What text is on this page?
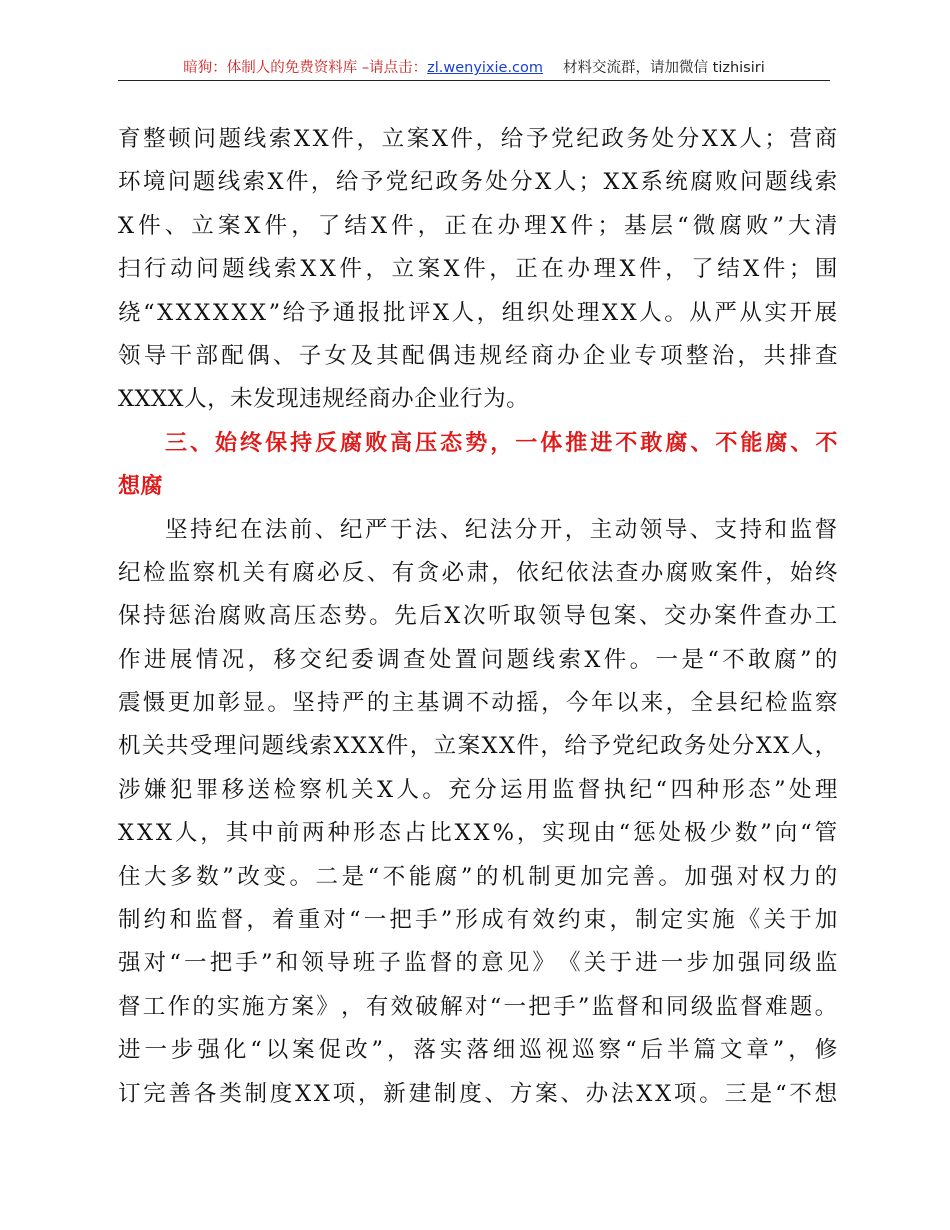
暗狗：体制人的免费资料库 –请点击：zl.wenyixie.com 材料交流群，请加微信 tizhisiri
育 整 顿 问 题 线 索 X X 件 ， 立 案 X 件 ， 给 予 党 纪 政 务 处 分 X X 人 ； 营 商
环 境 问 题 线 索 X 件 ， 给 予 党 纪 政 务 处 分 X 人 ； X X 系 统 腐 败 问 题 线 索
X 件 、 立 案 X 件 ， 了 结 X 件 ， 正 在 办 理 X 件 ； 基 层 “ 微 腐 败 ” 大 清
扫 行 动 问 题 线 索 X X 件 ， 立 案 X 件 ， 正 在 办 理 X 件 ， 了 结 X 件 ； 围
绕 “ X X X X X X ” 给 予 通 报 批 评 X 人 ， 组 织 处 理 X X 人 。 从 严 从 实 开 展
领 导 干 部 配 偶 、 子 女 及 其 配 偶 违 规 经 商 办 企 业 专 项 整 治 ， 共 排 查
XXXX人，未发现违规经商办企业行为。
三 、 始 终 保 持 反 腐 败 高 压 态 势 ， 一 体 推 进 不 敢 腐 、 不 能 腐 、 不
想腐
坚 持 纪 在 法 前 、 纪 严 于 法 、 纪 法 分 开 ， 主 动 领 导 、 支 持 和 监 督
纪 检 监 察 机 关 有 腐 必 反 、 有 贪 必 肃 ， 依 纪 依 法 查 办 腐 败 案 件 ， 始 终
保 持 惩 治 腐 败 高 压 态 势 。 先 后 X 次 听 取 领 导 包 案 、 交 办 案 件 查 办 工
作 进 展 情 况 ， 移 交 纪 委 调 查 处 置 问 题 线 索 X 件 。 一 是 “ 不 敢 腐 ” 的
震 慑 更 加 彰 显 。 坚 持 严 的 主 基 调 不 动 摇 ， 今 年 以 来 ， 全 县 纪 检 监 察
机 关 共 受 理 问 题 线 索 X X X 件 ， 立 案 X X 件 ， 给 予 党 纪 政 务 处 分 X X 人 ，
涉 嫌 犯 罪 移 送 检 察 机 关 X 人 。 充 分 运 用 监 督 执 纪 “ 四 种 形 态 ” 处 理
X X X 人 ， 其 中 前 两 种 形 态 占 比 X X % ， 实 现 由 “ 惩 处 极 少 数 ” 向 “ 管
住 大 多 数 ” 改 变 。 二 是 “ 不 能 腐 ” 的 机 制 更 加 完 善 。 加 强 对 权 力 的
制 约 和 监 督 ， 着 重 对 “ 一 把 手 ” 形 成 有 效 约 束 ， 制 定 实 施 《 关 于 加
强 对 “ 一 把 手 ” 和 领 导 班 子 监 督 的 意 见 》 《 关 于 进 一 步 加 强 同 级 监
督 工 作 的 实 施 方 案 》 ， 有 效 破 解 对 “ 一 把 手 ” 监 督 和 同 级 监 督 难 题 。
进 一 步 强 化 “ 以 案 促 改 ” ， 落 实 落 细 巡 视 巡 察 “ 后 半 篇 文 章 ” ， 修
订 完 善 各 类 制 度 X X 项 ， 新 建 制 度 、 方 案 、 办 法 X X 项 。 三 是 “ 不 想
